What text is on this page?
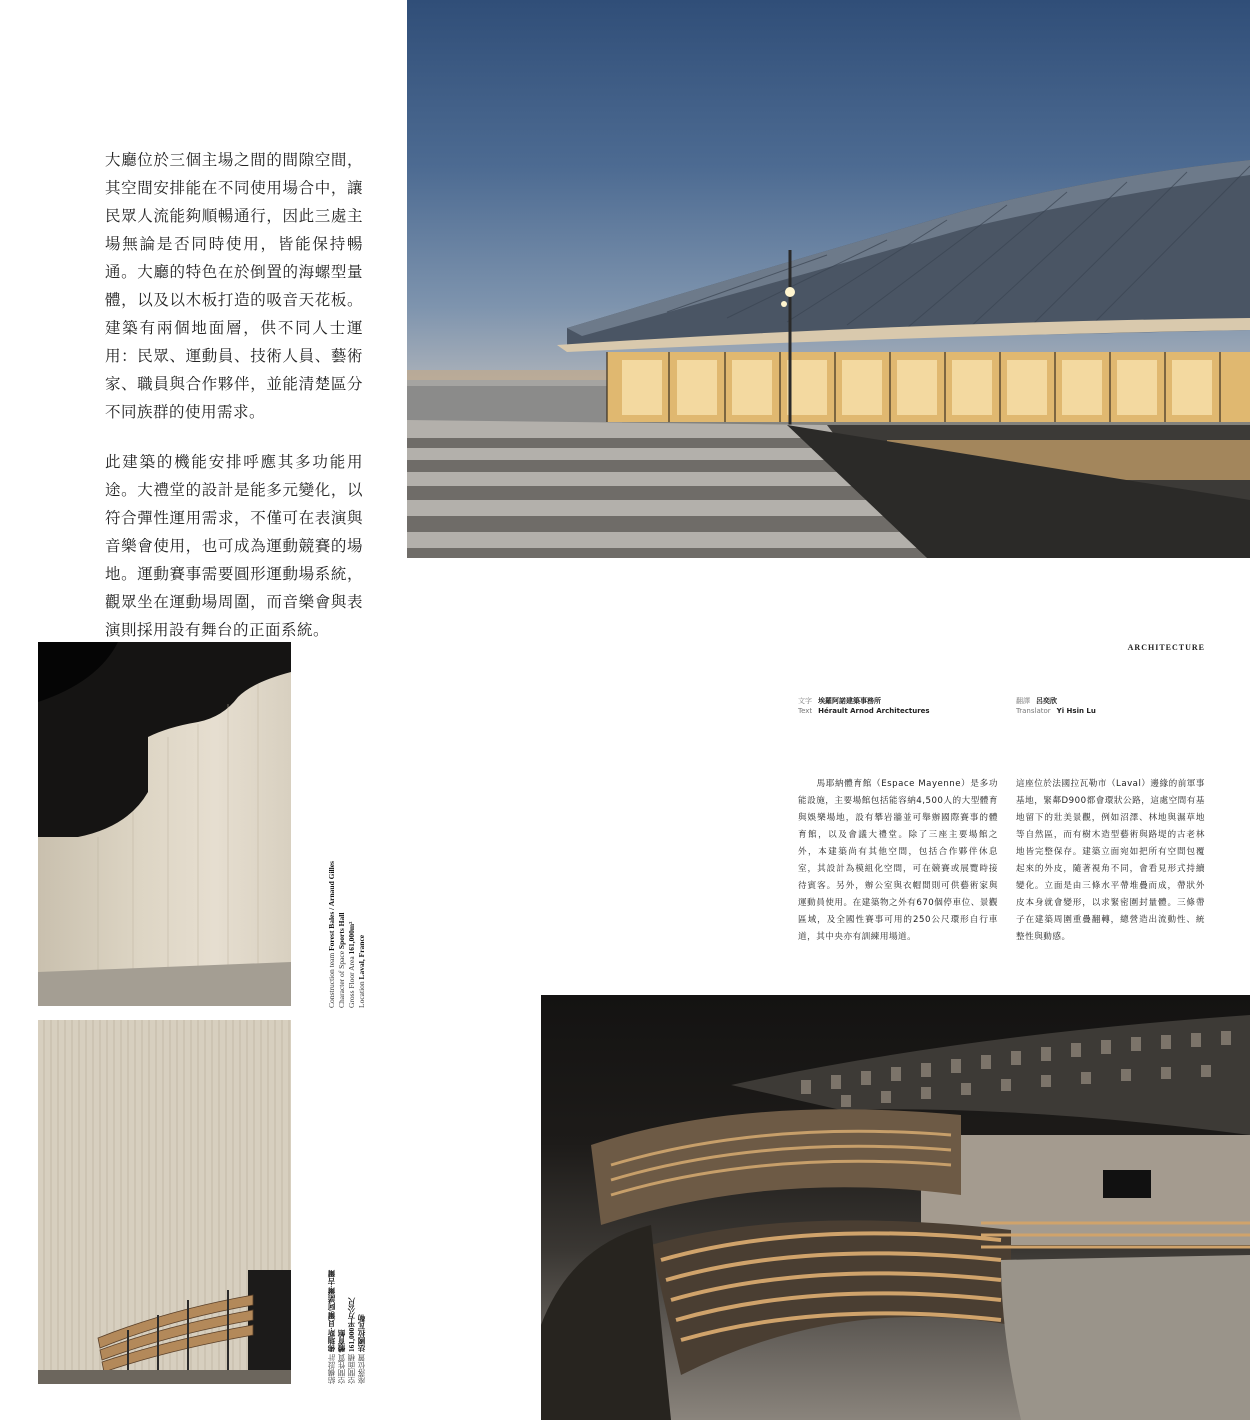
大廳位於三個主場之間的間隙空間，其空間安排能在不同使用場合中，讓民眾人流能夠順暢通行，因此三處主場無論是否同時使用，皆能保持暢通。大廳的特色在於倒置的海螺型量體，以及以木板打造的吸音天花板。建築有兩個地面層，供不同人士運用：民眾、運動員、技術人員、藝術家、職員與合作夥伴，並能清楚區分不同族群的使用需求。

此建築的機能安排呼應其多功能用途。大禮堂的設計是能多元變化，以符合彈性運用需求，不僅可在表演與音樂會使用，也可成為運動競賽的場地。運動賽事需要圓形運動場系統，觀眾坐在運動場周圍，而音樂會與表演則採用設有舞台的正面系統。

Construction team Forest Bales / Arnaud Gilles
Character of Space Sports Hall
Gross Floor Area 161,000m²
Location Laval, France
結構設計 佛瑞斯·貝爾/阿諾爾·吉爾
空間性質 體育館
空間面積 161,000平方公尺
座落位置 法國拉瓦勒
ARCHITECTURE
文字 埃羅阿諾建築事務所
Text Hérault Arnod Architectures
翻譯 呂奕欣
Translator Yi Hsin Lu
　　馬耶納體育館（Espace Mayenne）是多功能設施，主要場館包括能容納4,500人的大型體育與娛樂場地，設有攀岩牆並可舉辦國際賽事的體育館，以及會議大禮堂。除了三座主要場館之外，本建築尚有其他空間，包括合作夥伴休息室，其設計為模組化空間，可在競賽或展覽時接待賓客。另外，辦公室與衣帽間則可供藝術家與運動員使用。在建築物之外有670個停車位、景觀區域，及全國性賽事可用的250公尺環形自行車道，其中央亦有訓練用場道。
這座位於法國拉瓦勒市（Laval）邊緣的前軍事基地，緊鄰D900都會環狀公路，這處空間有基地留下的壯美景觀，例如沼澤、林地與濕草地等自然區，而有樹木造型藝術與路堤的古老林地皆完整保存。建築立面宛如把所有空間包覆起來的外皮，隨著視角不同，會看見形式持續變化。立面是由三條水平帶堆疊而成，帶狀外皮本身就會變形，以求緊密圍封量體。三條帶子在建築周圍重疊翻轉，總營造出流動性、統整性與動感。
